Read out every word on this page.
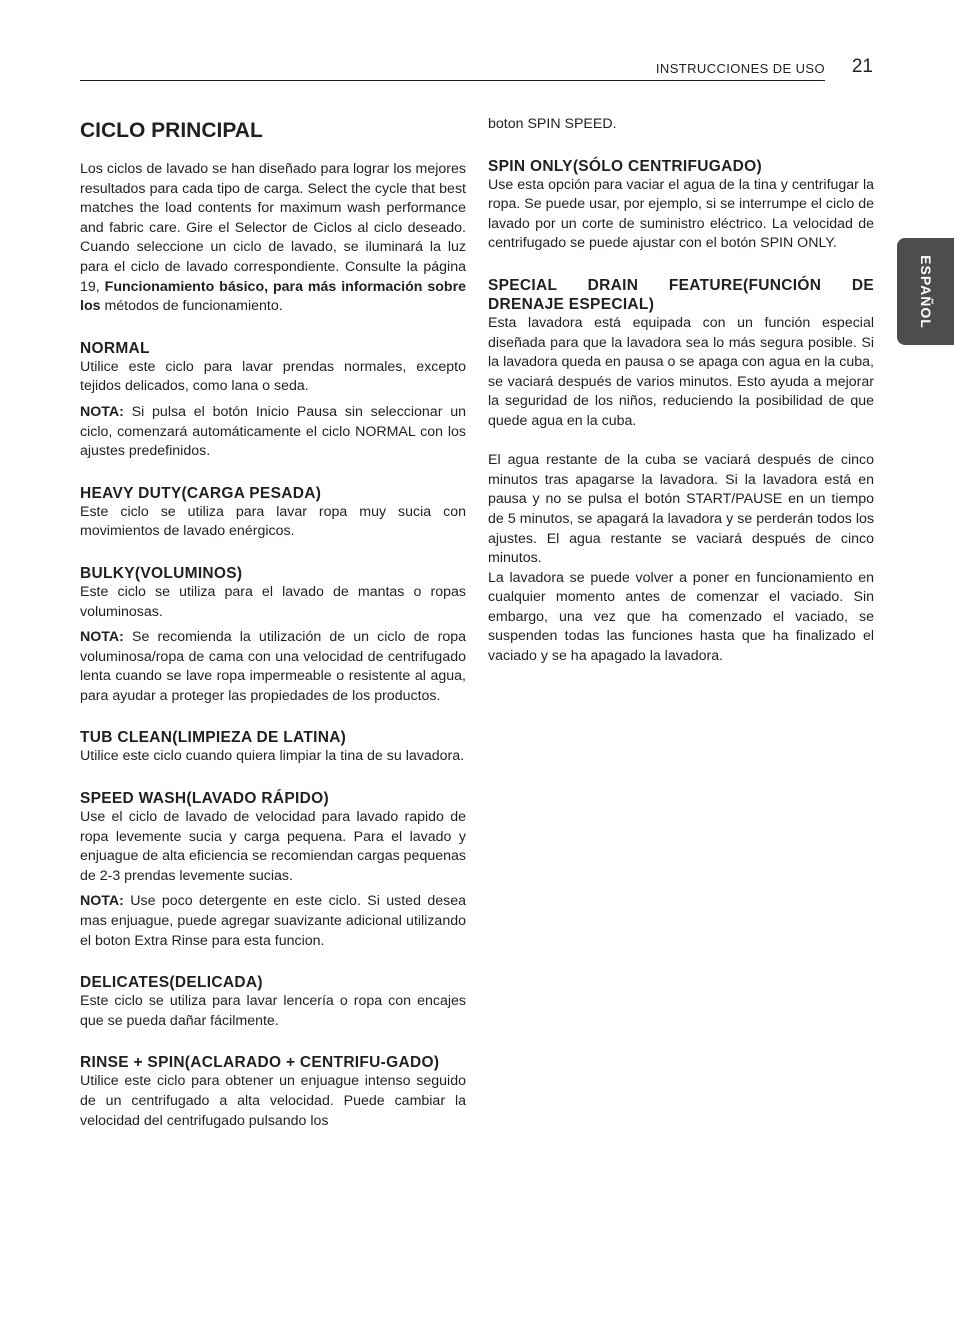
INSTRUCCIONES DE USO 21
ESPAÑOL
CICLO PRINCIPAL

Los ciclos de lavado se han diseñado para lograr los mejores resultados para cada tipo de carga. Select the cycle that best matches the load contents for maximum wash performance and fabric care. Gire el Selector de Ciclos al ciclo deseado. Cuando seleccione un ciclo de lavado, se iluminará la luz para el ciclo de lavado correspondiente. Consulte la página 19, Funcionamiento básico, para más información sobre los métodos de funcionamiento.

NORMAL

Utilice este ciclo para lavar prendas normales, excepto tejidos delicados, como lana o seda.

NOTA: Si pulsa el botón Inicio Pausa sin seleccionar un ciclo, comenzará automáticamente el ciclo NORMAL con los ajustes predefinidos.

HEAVY DUTY(CARGA PESADA)

Este ciclo se utiliza para lavar ropa muy sucia con movimientos de lavado enérgicos.

BULKY(VOLUMINOS)

Este ciclo se utiliza para el lavado de mantas o ropas voluminosas.

NOTA: Se recomienda la utilización de un ciclo de ropa voluminosa/ropa de cama con una velocidad de centrifugado lenta cuando se lave ropa impermeable o resistente al agua, para ayudar a proteger las propiedades de los productos.

TUB CLEAN(LIMPIEZA DE LATINA)

Utilice este ciclo cuando quiera limpiar la tina de su lavadora.

SPEED WASH(LAVADO RÁPIDO)

Use el ciclo de lavado de velocidad para lavado rapido de ropa levemente sucia y carga pequena. Para el lavado y enjuague de alta eficiencia se recomiendan cargas pequenas de 2-3 prendas levemente sucias.

NOTA: Use poco detergente en este ciclo. Si usted desea mas enjuague, puede agregar suavizante adicional utilizando el boton Extra Rinse para esta funcion.

DELICATES(DELICADA)

Este ciclo se utiliza para lavar lencería o ropa con encajes que se pueda dañar fácilmente.

RINSE + SPIN(ACLARADO + CENTRIFU-GADO)

Utilice este ciclo para obtener un enjuague intenso seguido de un centrifugado a alta velocidad. Puede cambiar la velocidad del centrifugado pulsando los

boton SPIN SPEED.

SPIN ONLY(SÓLO CENTRIFUGADO)

Use esta opción para vaciar el agua de la tina y centrifugar la ropa. Se puede usar, por ejemplo, si se interrumpe el ciclo de lavado por un corte de suministro eléctrico. La velocidad de centrifugado se puede ajustar con el botón SPIN ONLY.

SPECIAL DRAIN FEATURE(FUNCIÓN DE DRENAJE ESPECIAL)

Esta lavadora está equipada con un función especial diseñada para que la lavadora sea lo más segura posible. Si la lavadora queda en pausa o se apaga con agua en la cuba, se vaciará después de varios minutos. Esto ayuda a mejorar la seguridad de los niños, reduciendo la posibilidad de que quede agua en la cuba.

El agua restante de la cuba se vaciará después de cinco minutos tras apagarse la lavadora. Si la lavadora está en pausa y no se pulsa el botón START/PAUSE en un tiempo de 5 minutos, se apagará la lavadora y se perderán todos los ajustes. El agua restante se vaciará después de cinco minutos.

La lavadora se puede volver a poner en funcionamiento en cualquier momento antes de comenzar el vaciado. Sin embargo, una vez que ha comenzado el vaciado, se suspenden todas las funciones hasta que ha finalizado el vaciado y se ha apagado la lavadora.
